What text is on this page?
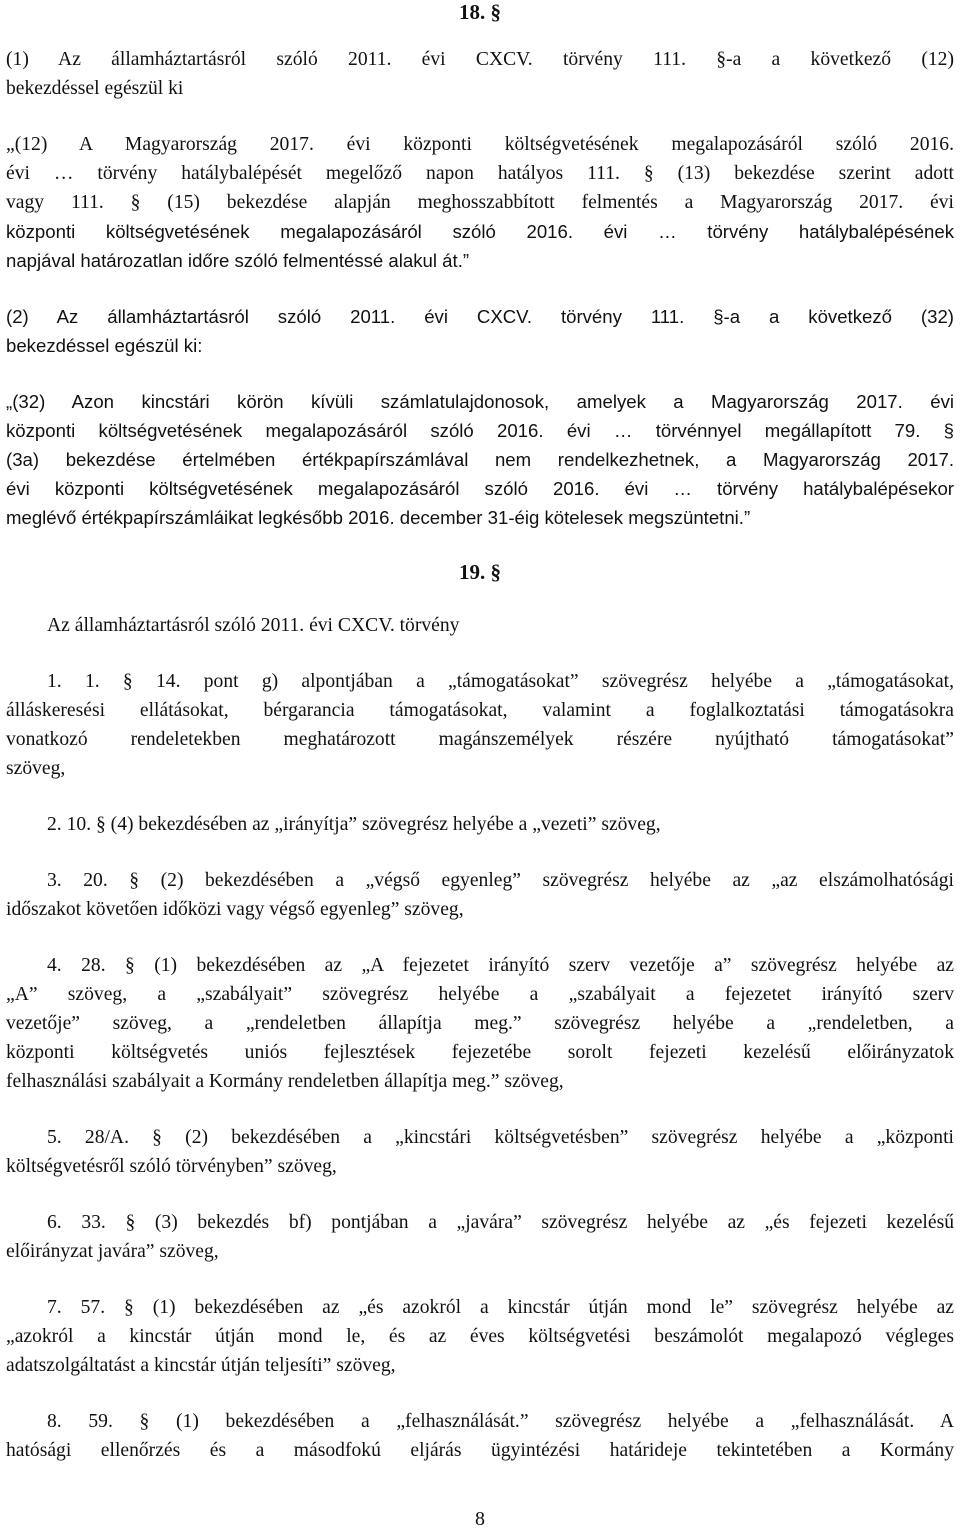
18. §
(1) Az államháztartásról szóló 2011. évi CXCV. törvény 111. §-a a következő (12)
bekezdéssel egészül ki
„(12) A Magyarország 2017. évi központi költségvetésének megalapozásáról szóló 2016.
évi … törvény hatálybalépését megelőző napon hatályos 111. § (13) bekezdése szerint adott
vagy 111. § (15) bekezdése alapján meghosszabbított felmentés a Magyarország 2017. évi
központi költségvetésének megalapozásáról szóló 2016. évi … törvény hatálybalépésének
napjával határozatlan időre szóló felmentéssé alakul át.”
(2) Az államháztartásról szóló 2011. évi CXCV. törvény 111. §-a a következő (32)
bekezdéssel egészül ki:
„(32) Azon kincstári körön kívüli számlatulajdonosok, amelyek a Magyarország 2017. évi
központi költségvetésének megalapozásáról szóló 2016. évi … törvénnyel megállapított 79. §
(3a) bekezdése értelmében értékpapírszámlával nem rendelkezhetnek, a Magyarország 2017.
évi központi költségvetésének megalapozásáról szóló 2016. évi … törvény hatálybalépésekor
meglévő értékpapírszámláikat legkésőbb 2016. december 31-éig kötelesek megszüntetni.”
19. §
Az államháztartásról szóló 2011. évi CXCV. törvény
1. 1. § 14. pont g) alpontjában a „támogatásokat” szövegrész helyébe a „támogatásokat,
álláskeresési ellátásokat, bérgarancia támogatásokat, valamint a foglalkoztatási támogatásokra
vonatkozó rendeletekben meghatározott magánszemélyek részére nyújtható támogatásokat”
szöveg,
2. 10. § (4) bekezdésében az „irányítja” szövegrész helyébe a „vezeti” szöveg,
3. 20. § (2) bekezdésében a „végső egyenleg” szövegrész helyébe az „az elszámolhatósági
időszakot követően időközi vagy végső egyenleg” szöveg,
4. 28. § (1) bekezdésében az „A fejezetet irányító szerv vezetője a” szövegrész helyébe az
„A” szöveg, a „szabályait” szövegrész helyébe a „szabályait a fejezetet irányító szerv
vezetője” szöveg, a „rendeletben állapítja meg.” szövegrész helyébe a „rendeletben, a
központi költségvetés uniós fejlesztések fejezetébe sorolt fejezeti kezelésű előirányzatok
felhasználási szabályait a Kormány rendeletben állapítja meg.” szöveg,
5. 28/A. § (2) bekezdésében a „kincstári költségvetésben” szövegrész helyébe a „központi
költségvetésről szóló törvényben” szöveg,
6. 33. § (3) bekezdés bf) pontjában a „javára” szövegrész helyébe az „és fejezeti kezelésű
előirányzat javára” szöveg,
7. 57. § (1) bekezdésében az „és azokról a kincstár útján mond le” szövegrész helyébe az
„azokról a kincstár útján mond le, és az éves költségvetési beszámolót megalapozó végleges
adatszolgáltatást a kincstár útján teljesíti” szöveg,
8. 59. § (1) bekezdésében a „felhasználását.” szövegrész helyébe a „felhasználását. A
hatósági ellenőrzés és a másodfokú eljárás ügyintézési határideje tekintetében a Kormány
8
